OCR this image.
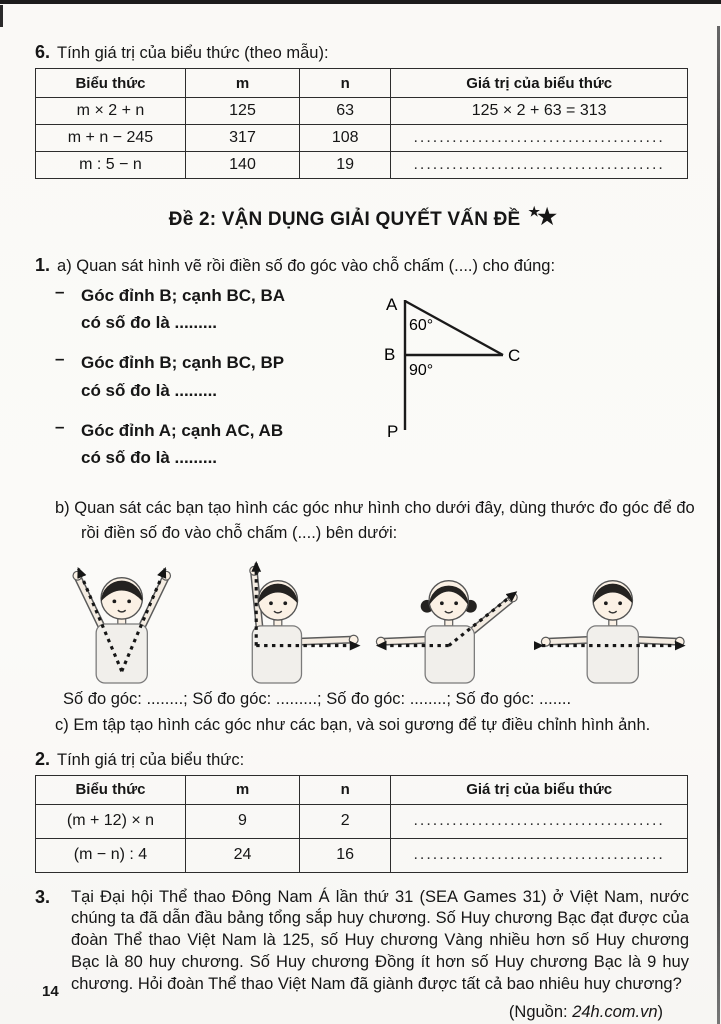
6. Tính giá trị của biểu thức (theo mẫu):
Biểu thức	m	n	Giá trị của biểu thức
m × 2 + n	125	63	125 × 2 + 63 = 313
m + n − 245	317	108	.......................................
m : 5 − n	140	19	.......................................
Đề 2: VẬN DỤNG GIẢI QUYẾT VẤN ĐỀ ★★
1. a) Quan sát hình vẽ rồi điền số đo góc vào chỗ chấm (....) cho đúng:
– Góc đỉnh B; cạnh BC, BA
có số đo là .........
– Góc đỉnh B; cạnh BC, BP
có số đo là .........
– Góc đỉnh A; cạnh AC, AB
có số đo là .........
A
60°
B	C
90°
P
b) Quan sát các bạn tạo hình các góc như hình cho dưới đây, dùng thước đo góc để đo rồi điền số đo vào chỗ chấm (....) bên dưới:
Số đo góc: ........; Số đo góc: .........; Số đo góc: ........; Số đo góc: .......
c) Em tập tạo hình các góc như các bạn, và soi gương để tự điều chỉnh hình ảnh.
2. Tính giá trị của biểu thức:
Biểu thức	m	n	Giá trị của biểu thức
(m + 12) × n	9	2	.......................................
(m − n) : 4	24	16	.......................................
3.	Tại Đại hội Thể thao Đông Nam Á lần thứ 31 (SEA Games 31) ở Việt Nam, nước chúng ta đã dẫn đầu bảng tổng sắp huy chương. Số Huy chương Bạc đạt được của đoàn Thể thao Việt Nam là 125, số Huy chương Vàng nhiều hơn số Huy chương Bạc là 80 huy chương. Số Huy chương Đồng ít hơn số Huy chương Bạc là 9 huy chương. Hỏi đoàn Thể thao Việt Nam đã giành được tất cả bao nhiêu huy chương?
(Nguồn: 24h.com.vn)
14
